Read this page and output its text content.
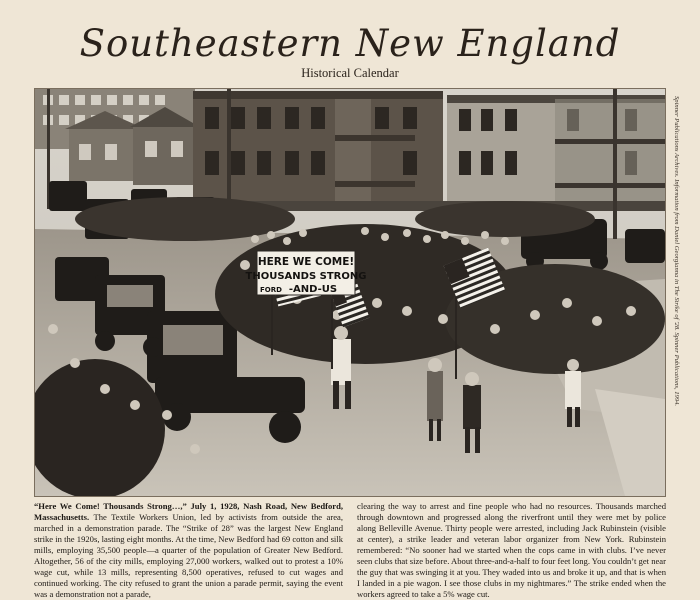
Southeastern New England
Historical Calendar
HERE WE COME!
THOUSANDS STRONG
-AND-US
FORD	Spinner Publications Archives. Information from Daniel Georgianna in The Strike of '28. Spinner Publications, 1994.
“Here We Come! Thousands Strong…,” July 1, 1928, Nash Road, New Bedford, Massachusetts. The Textile Workers Union, led by activists from outside the area, marched in a demonstration parade. The “Strike of 28” was the largest New England strike in the 1920s, lasting eight months. At the time, New Bedford had 69 cotton and silk mills, employing 35,500 people—a quarter of the population of Greater New Bedford. Altogether, 56 of the city mills, employing 27,000 workers, walked out to protest a 10% wage cut, while 13 mills, representing 8,500 operatives, refused to cut wages and continued working. The city refused to grant the union a parade permit, saying the event was a demonstration not a parade,
clearing the way to arrest and fine people who had no resources. Thousands marched through downtown and progressed along the riverfront until they were met by police along Belleville Avenue. Thirty people were arrested, including Jack Rubinstein (visible at center), a strike leader and veteran labor organizer from New York. Rubinstein remembered: “No sooner had we started when the cops came in with clubs. I’ve never seen clubs that size before. About three-and-a-half to four feet long. You couldn’t get near the guy that was swinging it at you. They waded into us and broke it up, and that is when I landed in a pie wagon. I see those clubs in my nightmares.” The strike ended when the workers agreed to take a 5% wage cut.
